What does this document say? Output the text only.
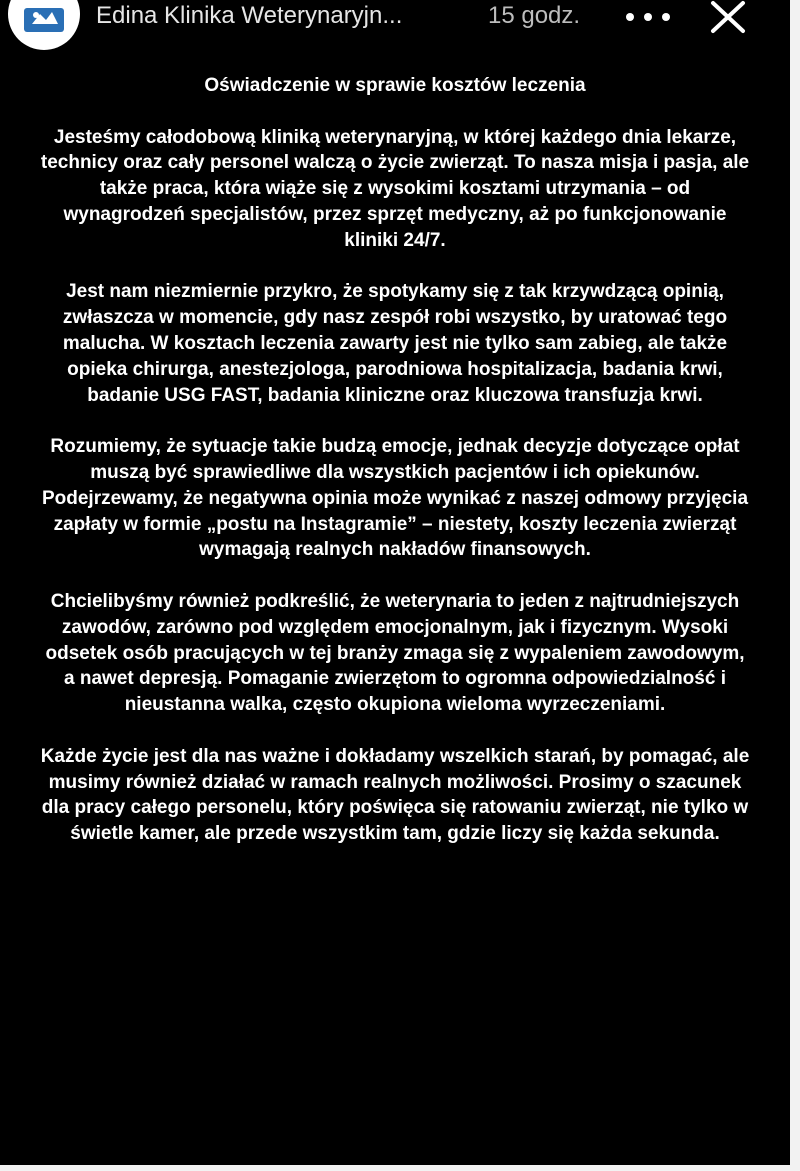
Edina Klinika Weterynaryjn...	15 godz.

Oświadczenie w sprawie kosztów leczenia

Jesteśmy całodobową kliniką weterynaryjną, w której każdego dnia lekarze, technicy oraz cały personel walczą o życie zwierząt. To nasza misja i pasja, ale także praca, która wiąże się z wysokimi kosztami utrzymania – od wynagrodzeń specjalistów, przez sprzęt medyczny, aż po funkcjonowanie kliniki 24/7.

Jest nam niezmiernie przykro, że spotykamy się z tak krzywdzącą opinią, zwłaszcza w momencie, gdy nasz zespół robi wszystko, by uratować tego malucha. W kosztach leczenia zawarty jest nie tylko sam zabieg, ale także opieka chirurga, anestezjologa, parodniowa hospitalizacja, badania krwi, badanie USG FAST, badania kliniczne oraz kluczowa transfuzja krwi.

Rozumiemy, że sytuacje takie budzą emocje, jednak decyzje dotyczące opłat muszą być sprawiedliwe dla wszystkich pacjentów i ich opiekunów. Podejrzewamy, że negatywna opinia może wynikać z naszej odmowy przyjęcia zapłaty w formie „postu na Instagramie” – niestety, koszty leczenia zwierząt wymagają realnych nakładów finansowych.

Chcielibyśmy również podkreślić, że weterynaria to jeden z najtrudniejszych zawodów, zarówno pod względem emocjonalnym, jak i fizycznym. Wysoki odsetek osób pracujących w tej branży zmaga się z wypaleniem zawodowym, a nawet depresją. Pomaganie zwierzętom to ogromna odpowiedzialność i nieustanna walka, często okupiona wieloma wyrzeczeniami.

Każde życie jest dla nas ważne i dokładamy wszelkich starań, by pomagać, ale musimy również działać w ramach realnych możliwości. Prosimy o szacunek dla pracy całego personelu, który poświęca się ratowaniu zwierząt, nie tylko w świetle kamer, ale przede wszystkim tam, gdzie liczy się każda sekunda.
